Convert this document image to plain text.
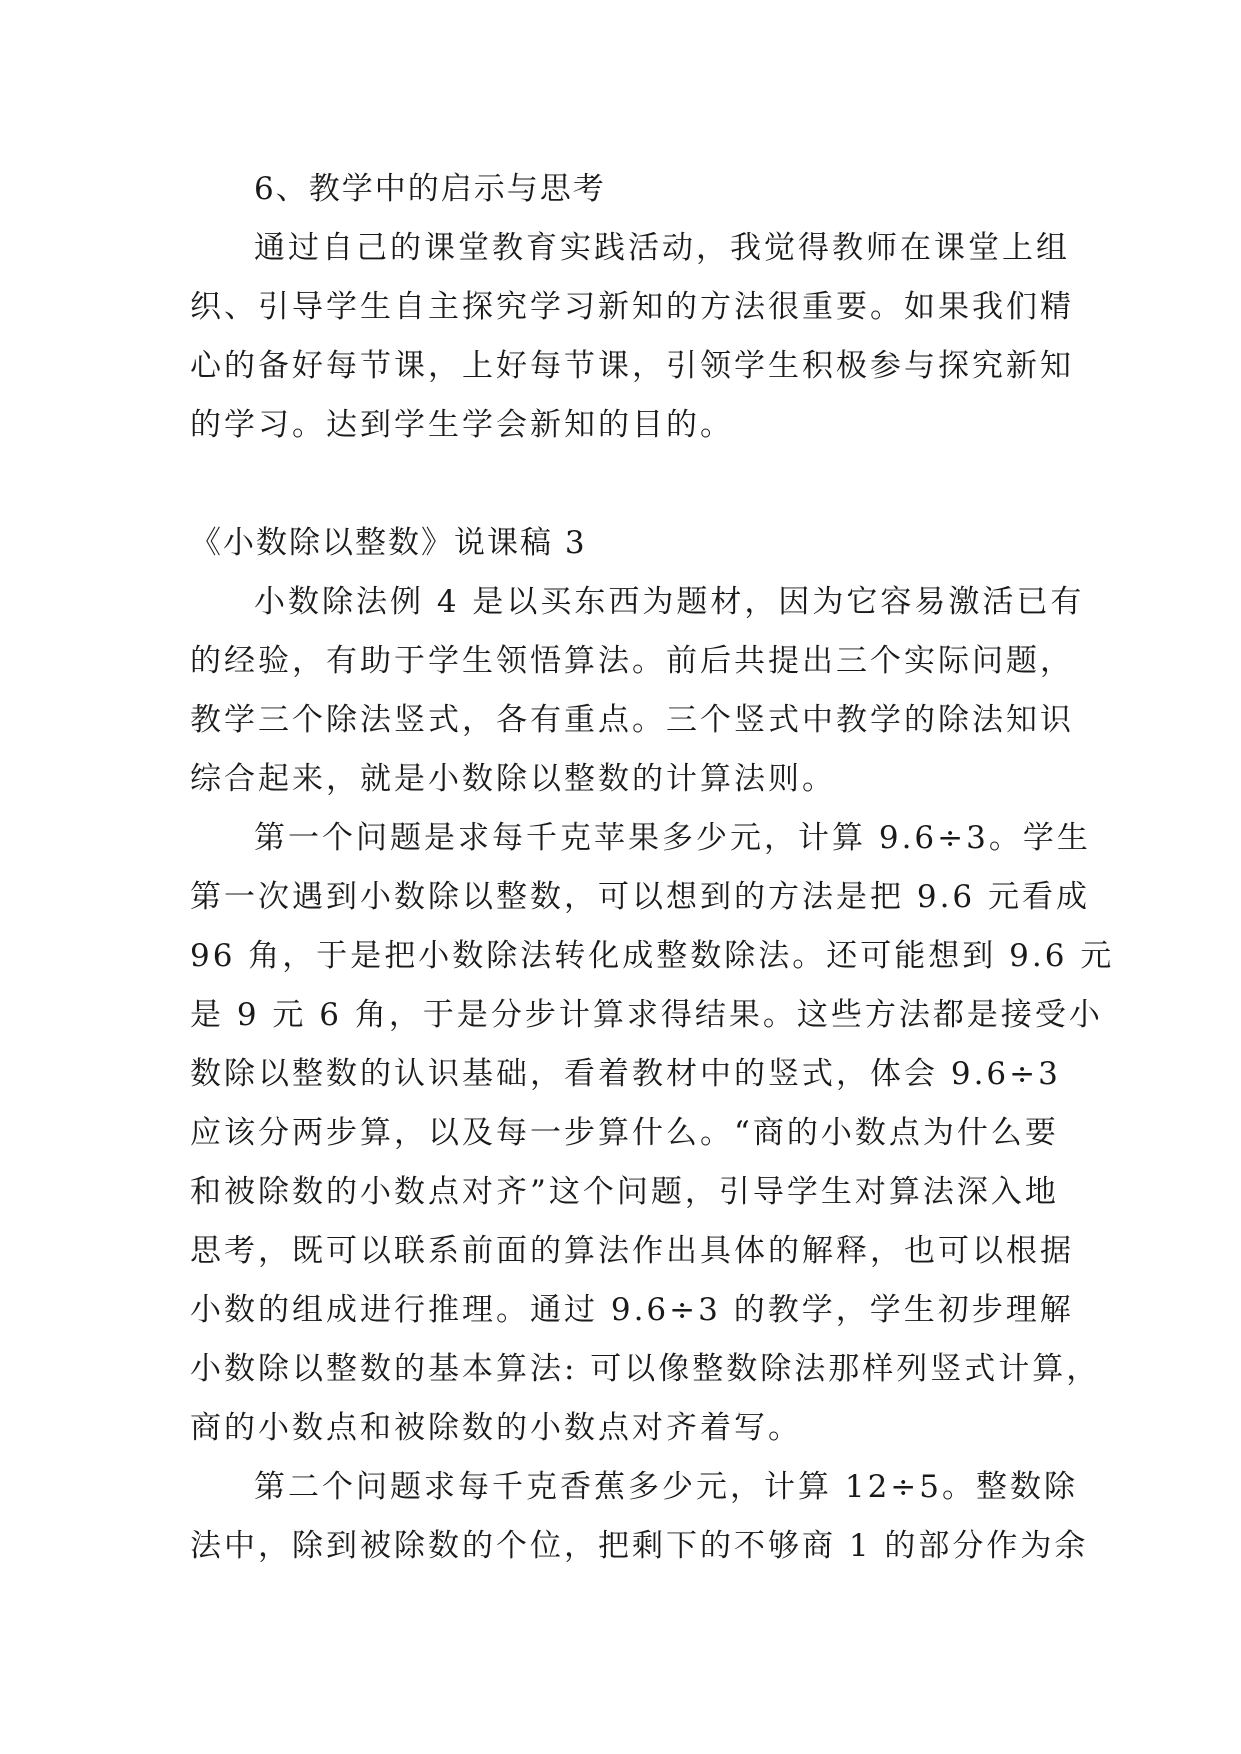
6、教学中的启示与思考
通过自己的课堂教育实践活动，我觉得教师在课堂上组
织、引导学生自主探究学习新知的方法很重要。如果我们精
心的备好每节课，上好每节课，引领学生积极参与探究新知
的学习。达到学生学会新知的目的。
《小数除以整数》说课稿 3
小数除法例 4 是以买东西为题材，因为它容易激活已有
的经验，有助于学生领悟算法。前后共提出三个实际问题，
教学三个除法竖式，各有重点。三个竖式中教学的除法知识
综合起来，就是小数除以整数的计算法则。
第一个问题是求每千克苹果多少元，计算 9.6÷3。学生
第一次遇到小数除以整数，可以想到的方法是把 9.6 元看成
96 角，于是把小数除法转化成整数除法。还可能想到 9.6 元
是 9 元 6 角，于是分步计算求得结果。这些方法都是接受小
数除以整数的认识基础，看着教材中的竖式，体会 9.6÷3
应该分两步算，以及每一步算什么。“商的小数点为什么要
和被除数的小数点对齐”这个问题，引导学生对算法深入地
思考，既可以联系前面的算法作出具体的解释，也可以根据
小数的组成进行推理。通过 9.6÷3 的教学，学生初步理解
小数除以整数的基本算法: 可以像整数除法那样列竖式计算，
商的小数点和被除数的小数点对齐着写。
第二个问题求每千克香蕉多少元，计算 12÷5。整数除
法中，除到被除数的个位，把剩下的不够商 1 的部分作为余
